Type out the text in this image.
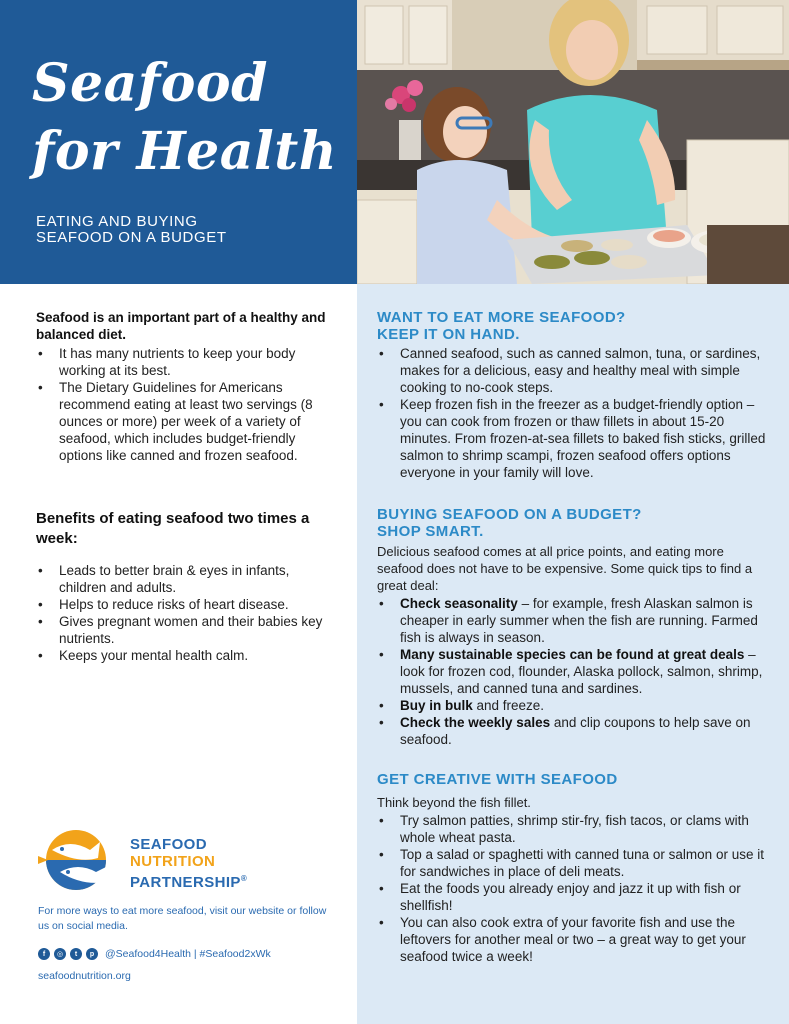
Seafood
for Health
EATING AND BUYING
SEAFOOD ON A BUDGET
Seafood is an important part of a healthy and balanced diet.
• It has many nutrients to keep your body working at its best.
• The Dietary Guidelines for Americans recommend eating at least two servings (8 ounces or more) per week of a variety of seafood, which includes budget-friendly options like canned and frozen seafood.
Benefits of eating seafood two times a week:
• Leads to better brain & eyes in infants, children and adults.
• Helps to reduce risks of heart disease.
• Gives pregnant women and their babies key nutrients.
• Keeps your mental health calm.
SEAFOOD
NUTRITION
PARTNERSHIP®
For more ways to eat more seafood, visit our website or follow us on social media.
f	◎	t	p	@Seafood4Health | #Seafood2xWk
seafoodnutrition.org
WANT TO EAT MORE SEAFOOD?
KEEP IT ON HAND.
• Canned seafood, such as canned salmon, tuna, or sardines, makes for a delicious, easy and healthy meal with simple cooking to no-cook steps.
• Keep frozen fish in the freezer as a budget-friendly option – you can cook from frozen or thaw fillets in about 15-20 minutes. From frozen-at-sea fillets to baked fish sticks, grilled salmon to shrimp scampi, frozen seafood offers options everyone in your family will love.
BUYING SEAFOOD ON A BUDGET?
SHOP SMART.
Delicious seafood comes at all price points, and eating more seafood does not have to be expensive. Some quick tips to find a great deal:
• Check seasonality – for example, fresh Alaskan salmon is cheaper in early summer when the fish are running. Farmed fish is always in season.
• Many sustainable species can be found at great deals – look for frozen cod, flounder, Alaska pollock, salmon, shrimp, mussels, and canned tuna and sardines.
• Buy in bulk and freeze.
• Check the weekly sales and clip coupons to help save on seafood.
GET CREATIVE WITH SEAFOOD
Think beyond the fish fillet.
• Try salmon patties, shrimp stir-fry, fish tacos, or clams with whole wheat pasta.
• Top a salad or spaghetti with canned tuna or salmon or use it for sandwiches in place of deli meats.
• Eat the foods you already enjoy and jazz it up with fish or shellfish!
• You can also cook extra of your favorite fish and use the leftovers for another meal or two – a great way to get your seafood twice a week!
